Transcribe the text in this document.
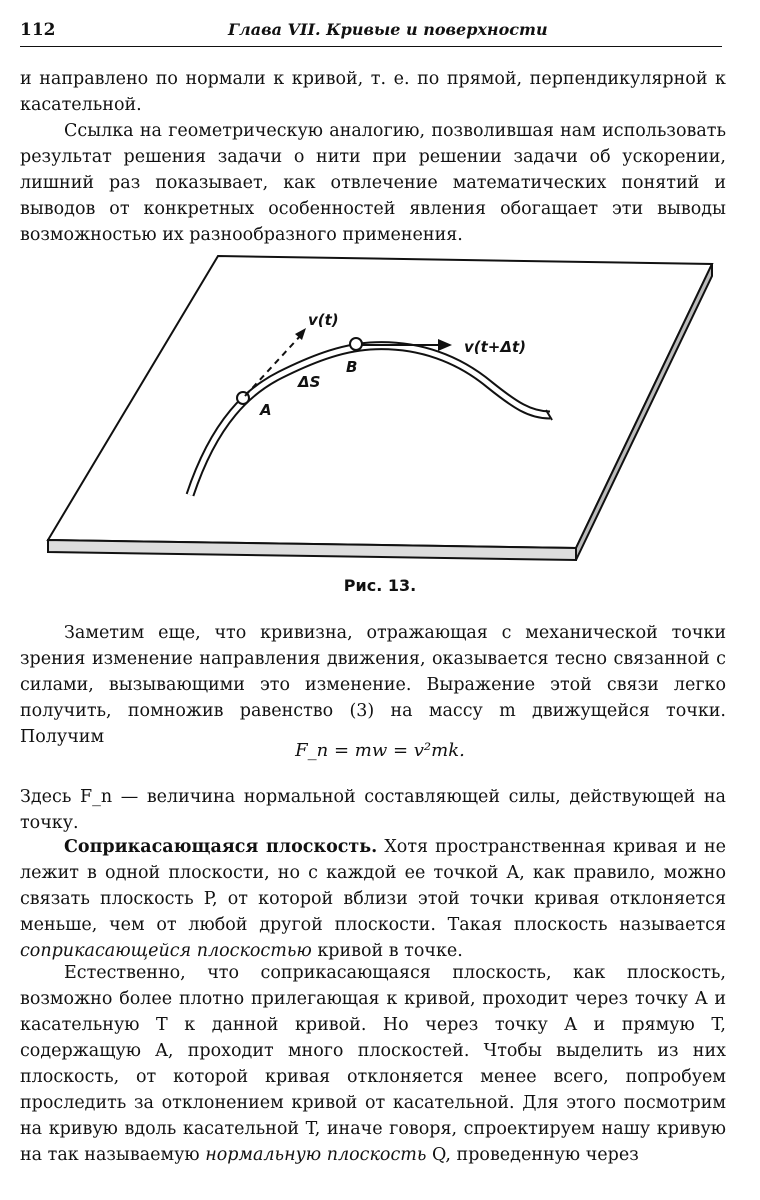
112	Глава VII. Кривые и поверхности

и направлено по нормали к кривой, т. е. по прямой, перпендикулярной к касательной.

Ссылка на геометрическую аналогию, позволившая нам использовать результат решения задачи о нити при решении задачи об ускорении, лишний раз показывает, как отвлечение математических понятий и выводов от конкретных особенностей явления обогащает эти выводы возможностью их разнообразного применения.

v(t)
v(t+Δt)
ΔS
A
B
Рис. 13.

Заметим еще, что кривизна, отражающая с механической точки зрения изменение направления движения, оказывается тесно связанной с силами, вызывающими это изменение. Выражение этой связи легко получить, помножив равенство (3) на массу m движущейся точки. Получим

F_n = mw = v²mk.

Здесь F_n — величина нормальной составляющей силы, действующей на точку.

Соприкасающаяся плоскость. Хотя пространственная кривая и не лежит в одной плоскости, но с каждой ее точкой A, как правило, можно связать плоскость P, от которой вблизи этой точки кривая отклоняется меньше, чем от любой другой плоскости. Такая плоскость называется соприкасающейся плоскостью кривой в точке.

Естественно, что соприкасающаяся плоскость, как плоскость, возможно более плотно прилегающая к кривой, проходит через точку A и касательную T к данной кривой. Но через точку A и прямую T, содержащую A, проходит много плоскостей. Чтобы выделить из них плоскость, от которой кривая отклоняется менее всего, попробуем проследить за отклонением кривой от касательной. Для этого посмотрим на кривую вдоль касательной T, иначе говоря, спроектируем нашу кривую на так называемую нормальную плоскость Q, проведенную через
